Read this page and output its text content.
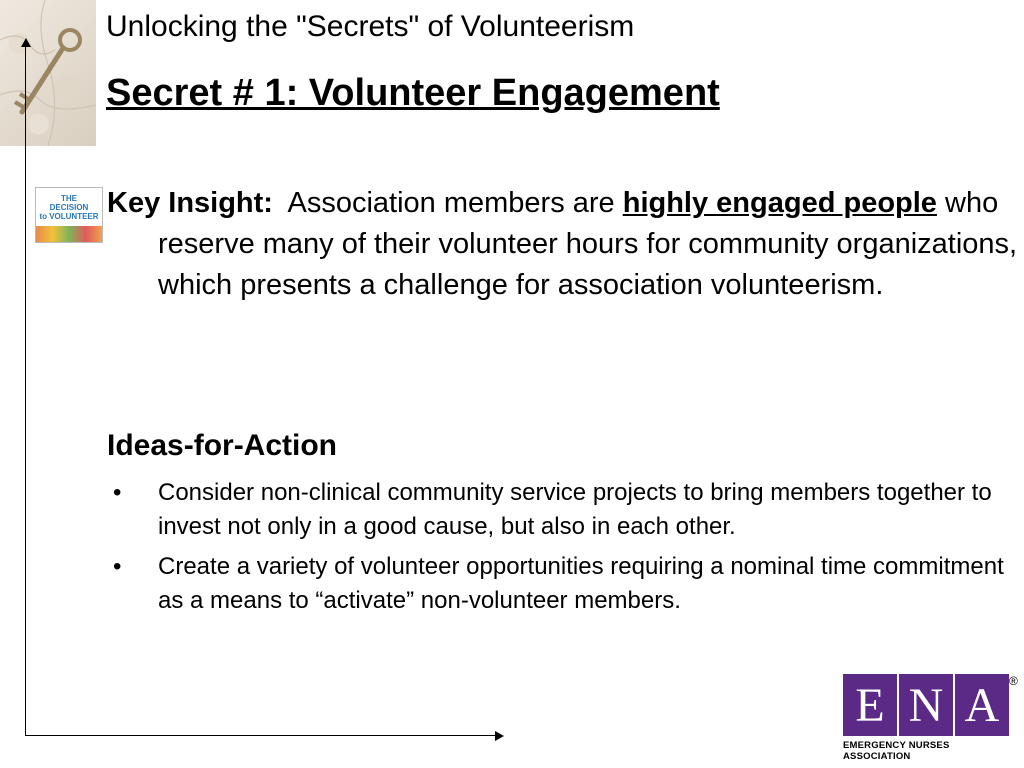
Unlocking the "Secrets" of Volunteerism
Secret # 1: Volunteer Engagement
THE
DECISION
to VOLUNTEER Key Insight: Association members are highly engaged people who reserve many of their volunteer hours for community organizations, which presents a challenge for association volunteerism.
Ideas-for-Action
• Consider non-clinical community service projects to bring members together to invest not only in a good cause, but also in each other.
• Create a variety of volunteer opportunities requiring a nominal time commitment as a means to “activate” non-volunteer members.
E N A ®
EMERGENCY NURSES ASSOCIATION
